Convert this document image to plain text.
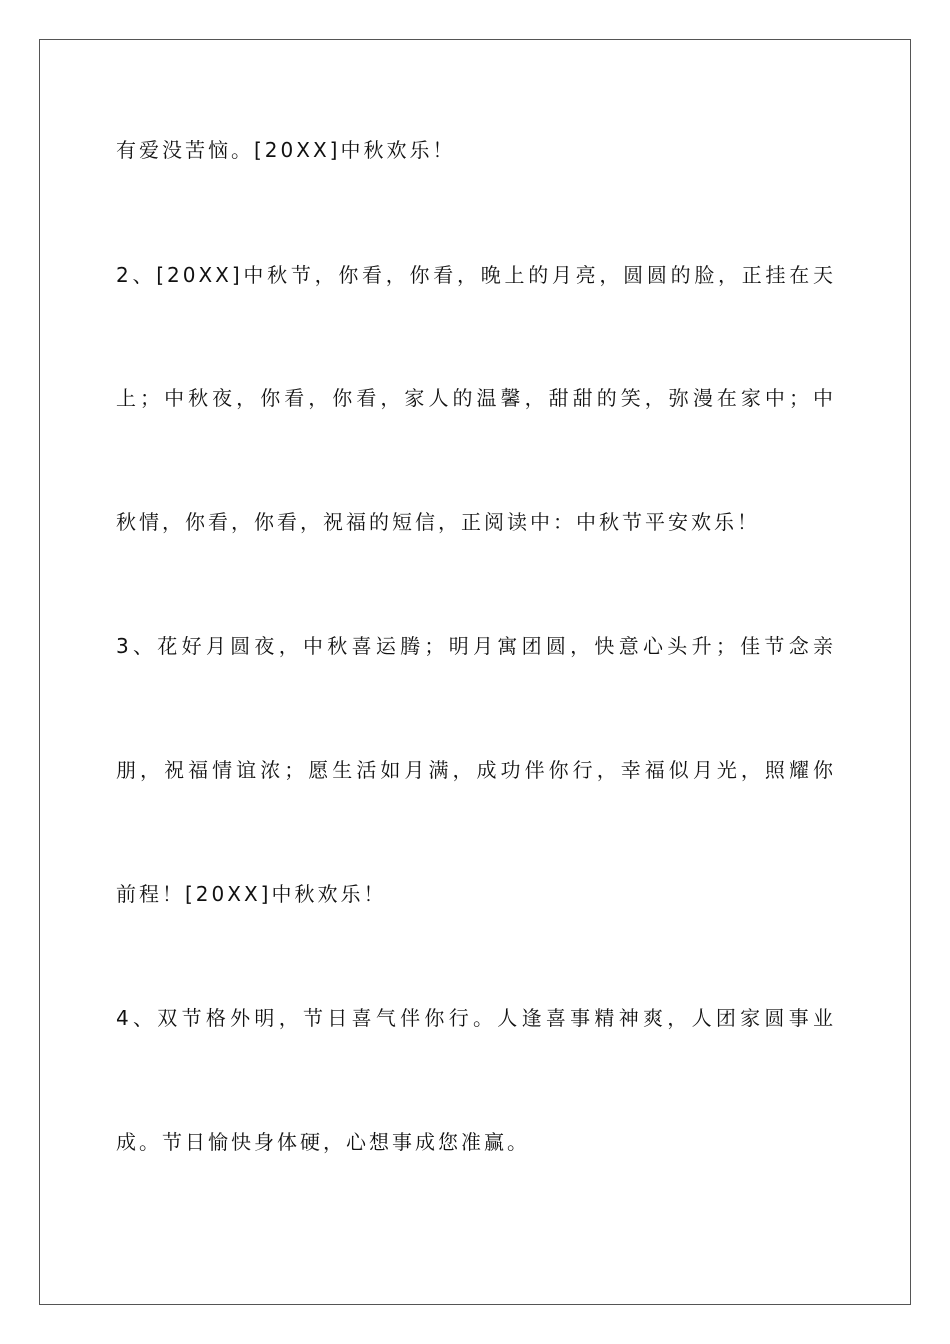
有爱没苦恼。[20XX]中秋欢乐！
2、[20XX]中秋节，你看，你看，晚上的月亮，圆圆的脸，正挂在天
上；中秋夜，你看，你看，家人的温馨，甜甜的笑，弥漫在家中；中
秋情，你看，你看，祝福的短信，正阅读中：中秋节平安欢乐！
3、花好月圆夜，中秋喜运腾；明月寓团圆，快意心头升；佳节念亲
朋，祝福情谊浓；愿生活如月满，成功伴你行，幸福似月光，照耀你
前程！[20XX]中秋欢乐！
4、双节格外明，节日喜气伴你行。人逢喜事精神爽，人团家圆事业
成。节日愉快身体硬，心想事成您准赢。
